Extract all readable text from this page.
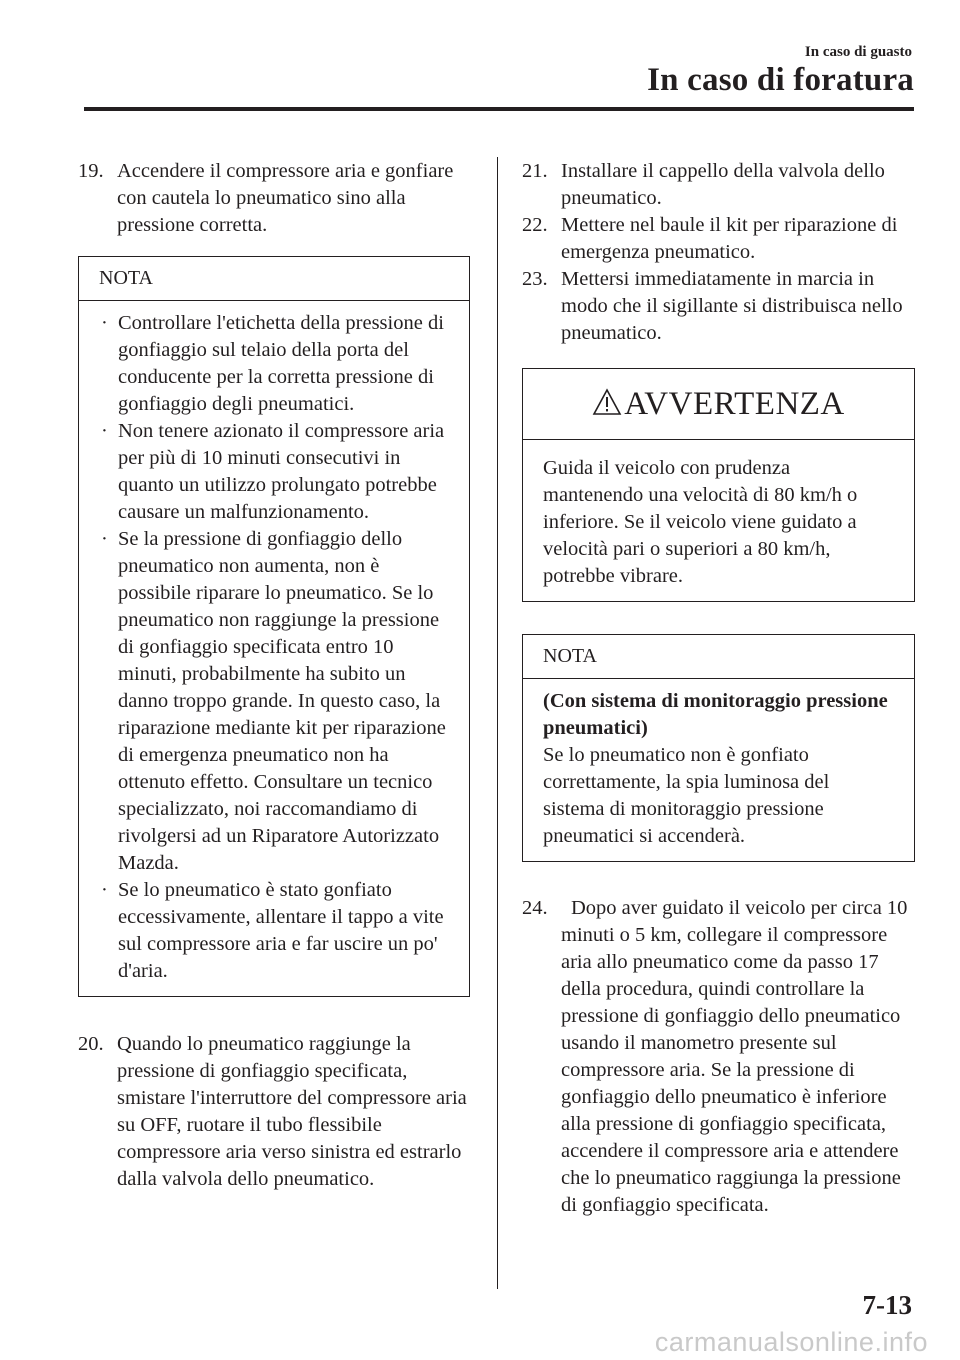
In caso di guasto
In caso di foratura
19. Accendere il compressore aria e gonfiare con cautela lo pneumatico sino alla pressione corretta.
NOTA
· Controllare l'etichetta della pressione di gonfiaggio sul telaio della porta del conducente per la corretta pressione di gonfiaggio degli pneumatici.
· Non tenere azionato il compressore aria per più di 10 minuti consecutivi in quanto un utilizzo prolungato potrebbe causare un malfunzionamento.
· Se la pressione di gonfiaggio dello pneumatico non aumenta, non è possibile riparare lo pneumatico. Se lo pneumatico non raggiunge la pressione di gonfiaggio specificata entro 10 minuti, probabilmente ha subito un danno troppo grande. In questo caso, la riparazione mediante kit per riparazione di emergenza pneumatico non ha ottenuto effetto. Consultare un tecnico specializzato, noi raccomandiamo di rivolgersi ad un Riparatore Autorizzato Mazda.
· Se lo pneumatico è stato gonfiato eccessivamente, allentare il tappo a vite sul compressore aria e far uscire un po' d'aria.
20. Quando lo pneumatico raggiunge la pressione di gonfiaggio specificata, smistare l'interruttore del compressore aria su OFF, ruotare il tubo flessibile compressore aria verso sinistra ed estrarlo dalla valvola dello pneumatico.
21. Installare il cappello della valvola dello pneumatico.
22. Mettere nel baule il kit per riparazione di emergenza pneumatico.
23. Mettersi immediatamente in marcia in modo che il sigillante si distribuisca nello pneumatico.
AVVERTENZA
Guida il veicolo con prudenza mantenendo una velocità di 80 km/h o inferiore. Se il veicolo viene guidato a velocità pari o superiori a 80 km/h, potrebbe vibrare.
NOTA
(Con sistema di monitoraggio pressione pneumatici)
Se lo pneumatico non è gonfiato correttamente, la spia luminosa del sistema di monitoraggio pressione pneumatici si accenderà.
24.	Dopo aver guidato il veicolo per circa 10 minuti o 5 km, collegare il compressore aria allo pneumatico come da passo 17 della procedura, quindi controllare la pressione di gonfiaggio dello pneumatico usando il manometro presente sul compressore aria. Se la pressione di gonfiaggio dello pneumatico è inferiore alla pressione di gonfiaggio specificata, accendere il compressore aria e attendere che lo pneumatico raggiunga la pressione di gonfiaggio specificata.
7-13
carmanualsonline.info
